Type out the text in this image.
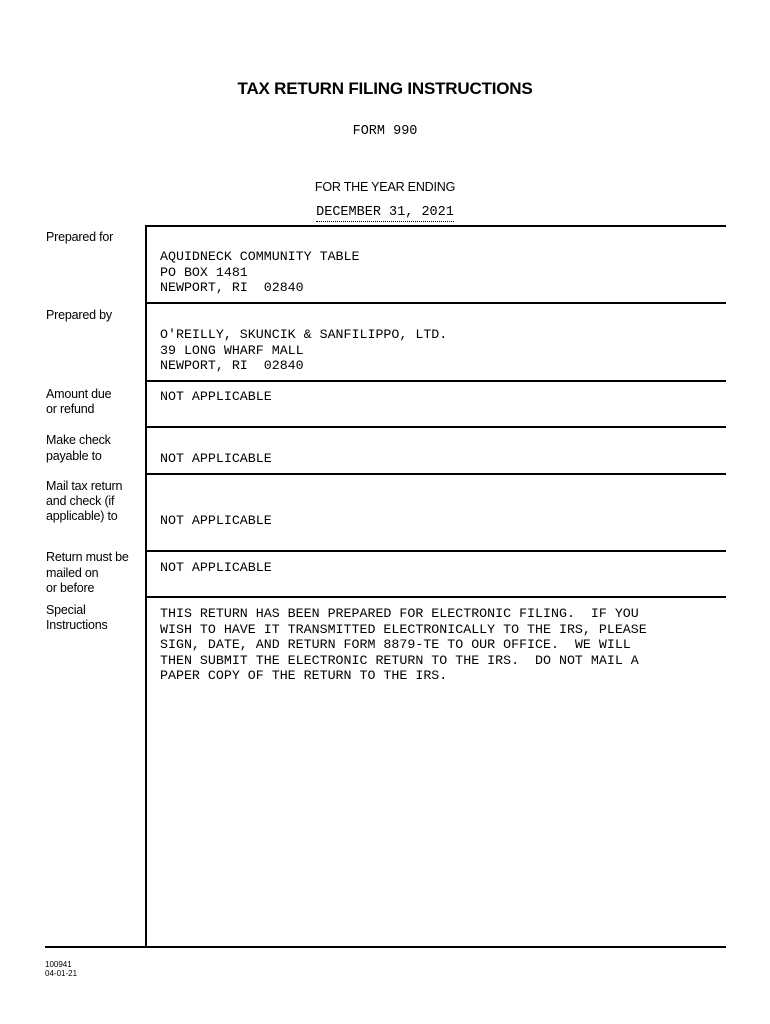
TAX RETURN FILING INSTRUCTIONS
FORM 990
FOR THE YEAR ENDING
DECEMBER 31, 2021
Prepared for
AQUIDNECK COMMUNITY TABLE
PO BOX 1481
NEWPORT, RI  02840
Prepared by
O'REILLY, SKUNCIK & SANFILIPPO, LTD.
39 LONG WHARF MALL
NEWPORT, RI  02840
Amount due
or refund
NOT APPLICABLE
Make check
payable to	NOT APPLICABLE
Mail tax return
and check (if
applicable) to	NOT APPLICABLE
Return must be
mailed on
or before
NOT APPLICABLE
Special
Instructions
THIS RETURN HAS BEEN PREPARED FOR ELECTRONIC FILING.  IF YOU
WISH TO HAVE IT TRANSMITTED ELECTRONICALLY TO THE IRS, PLEASE
SIGN, DATE, AND RETURN FORM 8879-TE TO OUR OFFICE.  WE WILL
THEN SUBMIT THE ELECTRONIC RETURN TO THE IRS.  DO NOT MAIL A
PAPER COPY OF THE RETURN TO THE IRS.
100941
04-01-21
